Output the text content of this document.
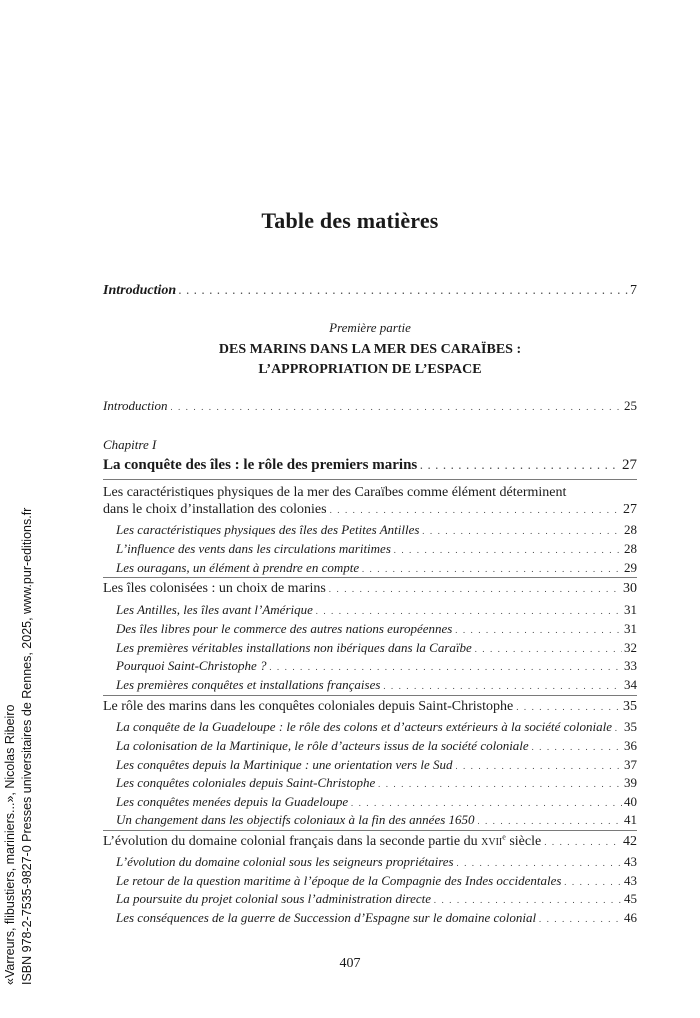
Table des matières
Introduction . . .	7
Première partie
DES MARINS DANS LA MER DES CARAÏBES :
L’APPROPRIATION DE L’ESPACE
Introduction . . .	25
Chapitre I
La conquête des îles : le rôle des premiers marins . . .	27
Les caractéristiques physiques de la mer des Caraïbes comme élément déterminent
dans le choix d’installation des colonies . . .	27
Les caractéristiques physiques des îles des Petites Antilles . . .	28
L’influence des vents dans les circulations maritimes . . .	28
Les ouragans, un élément à prendre en compte . . .	29
Les îles colonisées : un choix de marins . . .	30
Les Antilles, les îles avant l’Amérique . . .	31
Des îles libres pour le commerce des autres nations européennes . . .	31
Les premières véritables installations non ibériques dans la Caraïbe . . .	32
Pourquoi Saint-Christophe ? . . .	33
Les premières conquêtes et installations françaises . . .	34
Le rôle des marins dans les conquêtes coloniales depuis Saint-Christophe . . .	35
La conquête de la Guadeloupe : le rôle des colons et d’acteurs extérieurs à la société coloniale . . . 35
La colonisation de la Martinique, le rôle d’acteurs issus de la société coloniale . . .	36
Les conquêtes depuis la Martinique : une orientation vers le Sud . . .	37
Les conquêtes coloniales depuis Saint-Christophe . . .	39
Les conquêtes menées depuis la Guadeloupe . . .	40
Un changement dans les objectifs coloniaux à la fin des années 1650 . . .	41
L’évolution du domaine colonial français dans la seconde partie du xvii$^e$ siècle . . .	42
L’évolution du domaine colonial sous les seigneurs propriétaires . . .	43
Le retour de la question maritime à l’époque de la Compagnie des Indes occidentales . . .	43
La poursuite du projet colonial sous l’administration directe . . .	45
Les conséquences de la guerre de Succession d’Espagne sur le domaine colonial . . .	46
407
«Varreurs, flibustiers, mariniers...», Nicolas Ribeiro ISBN 978-2-7535-9827-0 Presses universitaires de Rennes, 2025, www.pur-editions.fr
